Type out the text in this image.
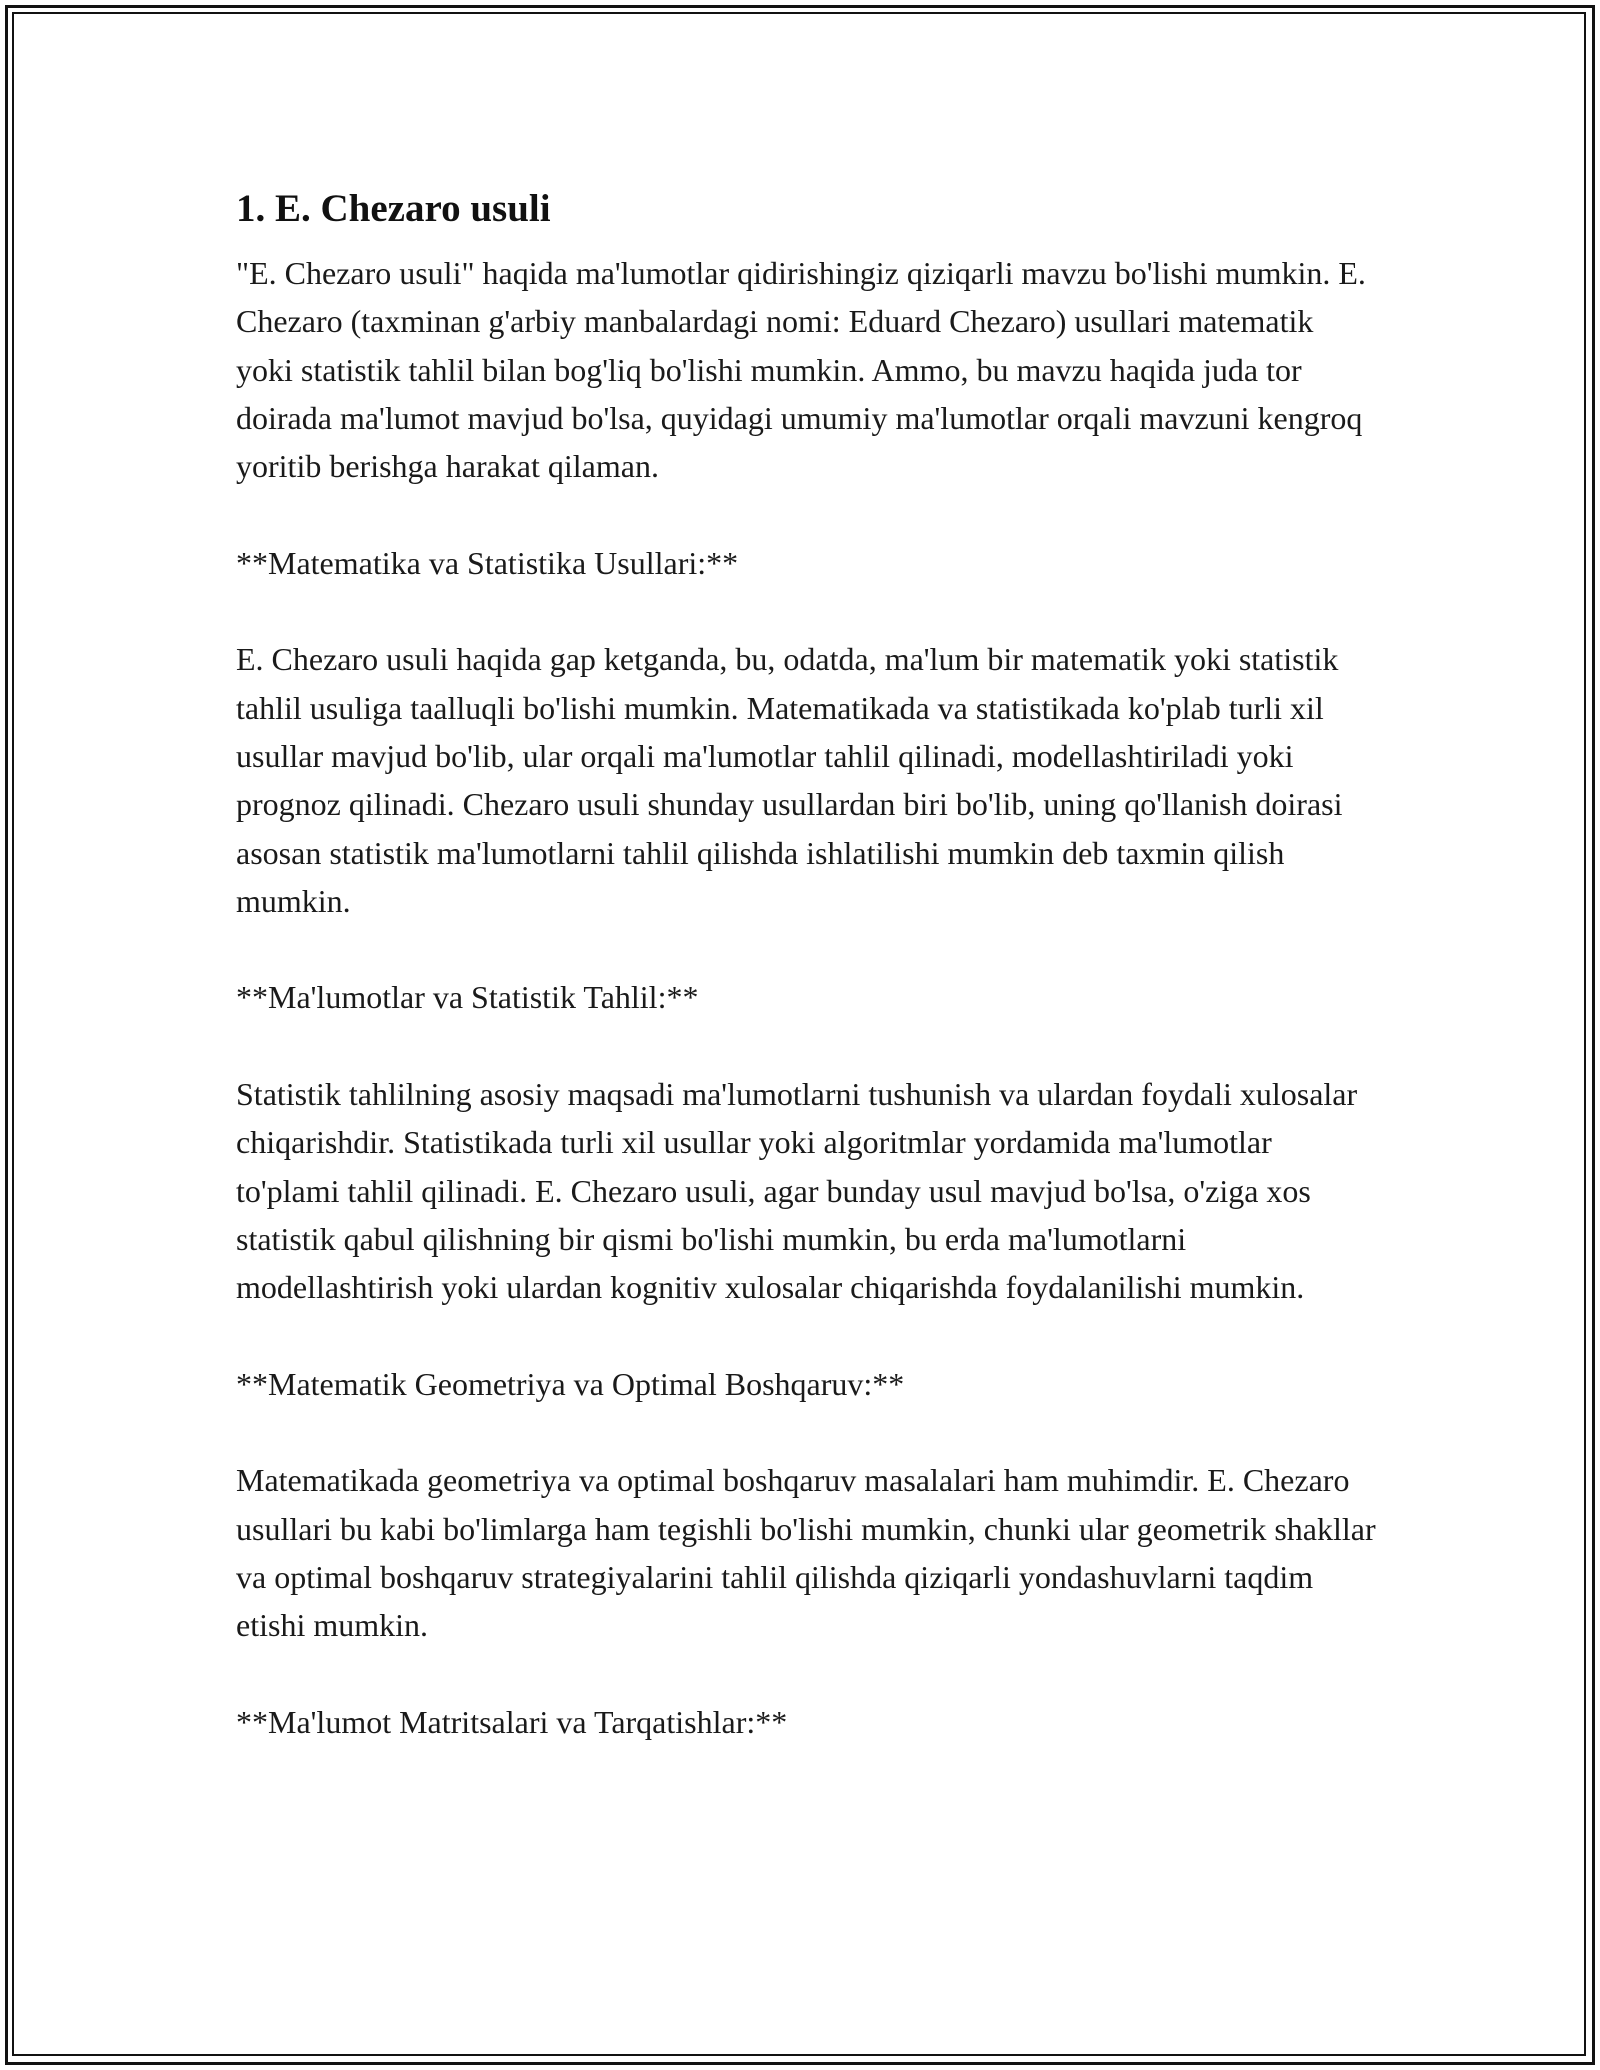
1. E. Chezaro usuli

"E. Chezaro usuli" haqida ma'lumotlar qidirishingiz qiziqarli mavzu bo'lishi mumkin. E. Chezaro (taxminan g'arbiy manbalardagi nomi: Eduard Chezaro) usullari matematik yoki statistik tahlil bilan bog'liq bo'lishi mumkin. Ammo, bu mavzu haqida juda tor doirada ma'lumot mavjud bo'lsa, quyidagi umumiy ma'lumotlar orqali mavzuni kengroq yoritib berishga harakat qilaman.

**Matematika va Statistika Usullari:**

E. Chezaro usuli haqida gap ketganda, bu, odatda, ma'lum bir matematik yoki statistik tahlil usuliga taalluqli bo'lishi mumkin. Matematikada va statistikada ko'plab turli xil usullar mavjud bo'lib, ular orqali ma'lumotlar tahlil qilinadi, modellashtiriladi yoki prognoz qilinadi. Chezaro usuli shunday usullardan biri bo'lib, uning qo'llanish doirasi asosan statistik ma'lumotlarni tahlil qilishda ishlatilishi mumkin deb taxmin qilish mumkin.

**Ma'lumotlar va Statistik Tahlil:**

Statistik tahlilning asosiy maqsadi ma'lumotlarni tushunish va ulardan foydali xulosalar chiqarishdir. Statistikada turli xil usullar yoki algoritmlar yordamida ma'lumotlar to'plami tahlil qilinadi. E. Chezaro usuli, agar bunday usul mavjud bo'lsa, o'ziga xos statistik qabul qilishning bir qismi bo'lishi mumkin, bu erda ma'lumotlarni modellashtirish yoki ulardan kognitiv xulosalar chiqarishda foydalanilishi mumkin.

**Matematik Geometriya va Optimal Boshqaruv:**

Matematikada geometriya va optimal boshqaruv masalalari ham muhimdir. E. Chezaro usullari bu kabi bo'limlarga ham tegishli bo'lishi mumkin, chunki ular geometrik shakllar va optimal boshqaruv strategiyalarini tahlil qilishda qiziqarli yondashuvlarni taqdim etishi mumkin.

**Ma'lumot Matritsalari va Tarqatishlar:**
